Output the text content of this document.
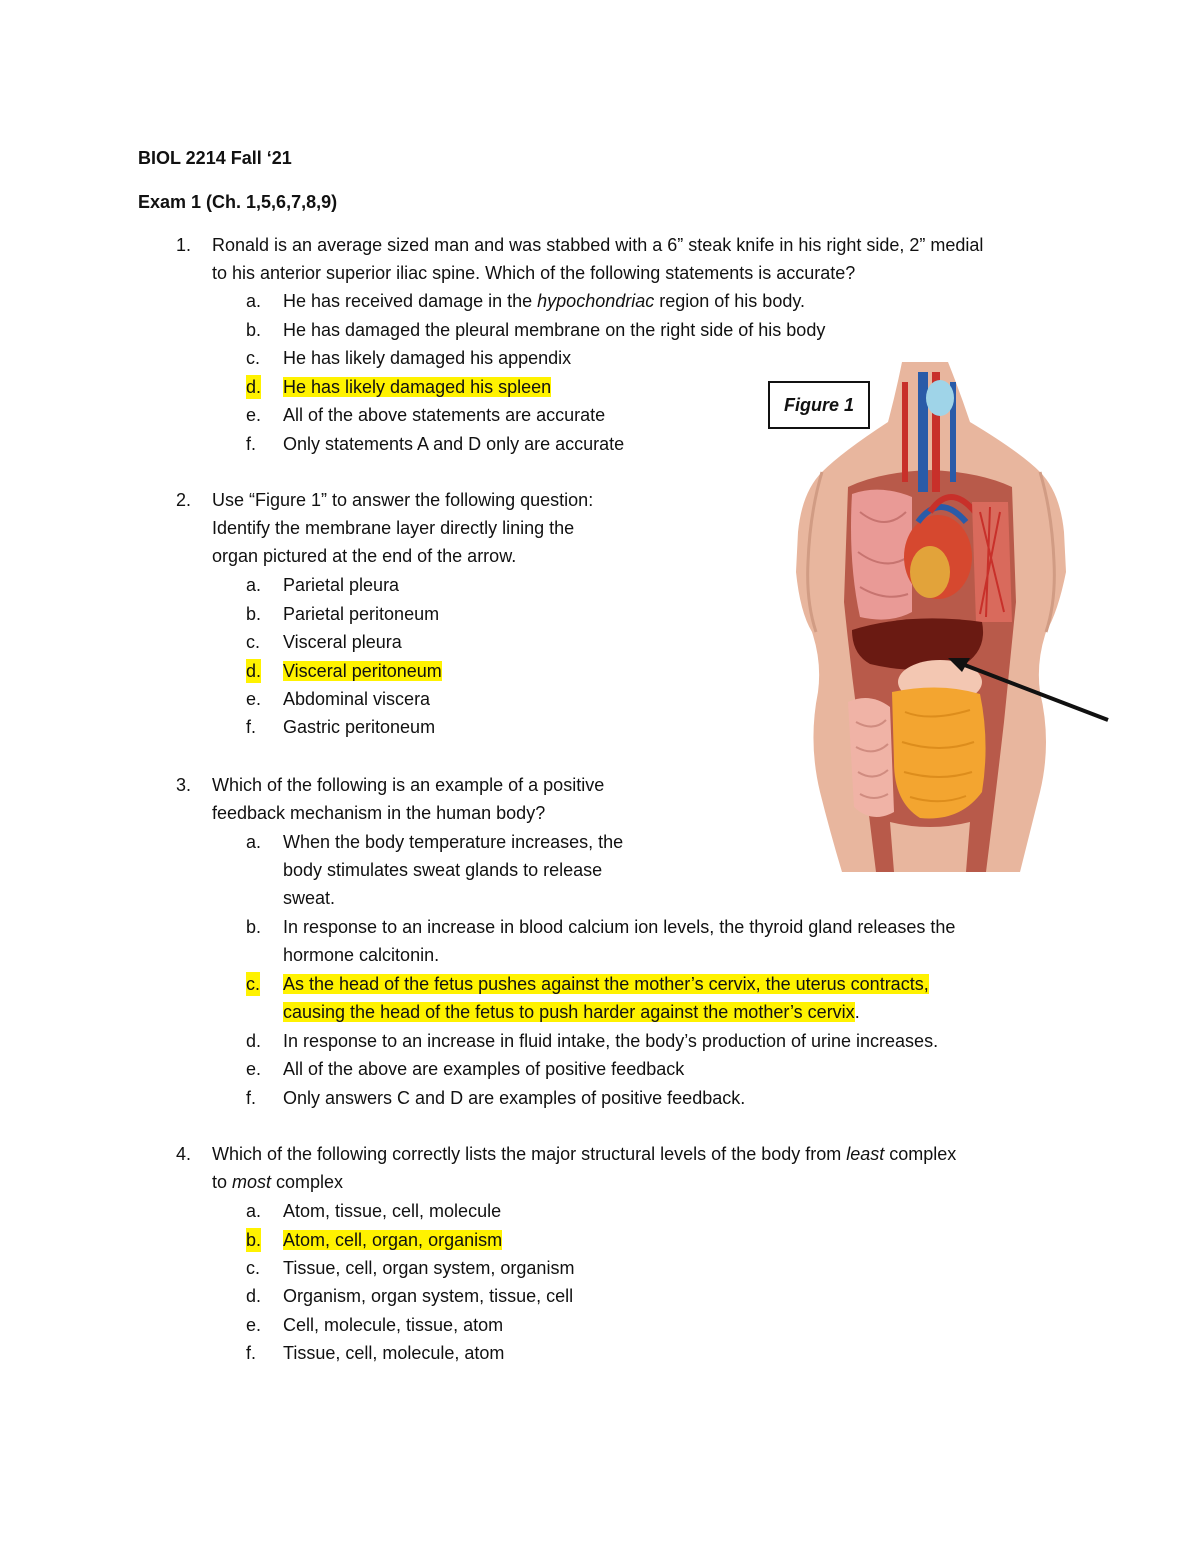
BIOL 2214 Fall ‘21
Exam 1 (Ch. 1,5,6,7,8,9)
1.	Ronald is an average sized man and was stabbed with a 6” steak knife in his right side, 2” medial
to his anterior superior iliac spine. Which of the following statements is accurate?
a. He has received damage in the hypochondriac region of his body.
b. He has damaged the pleural membrane on the right side of his body
c. He has likely damaged his appendix
d. He has likely damaged his spleen
e. All of the above statements are accurate
f. Only statements A and D only are accurate
2.	Use “Figure 1” to answer the following question:
Identify the membrane layer directly lining the
organ pictured at the end of the arrow.
a. Parietal pleura
b. Parietal peritoneum
c. Visceral pleura
d. Visceral peritoneum
e. Abdominal viscera
f. Gastric peritoneum
3.	Which of the following is an example of a positive
feedback mechanism in the human body?
a. When the body temperature increases, the
body stimulates sweat glands to release
sweat.
b. In response to an increase in blood calcium ion levels, the thyroid gland releases the
hormone calcitonin.
c. As the head of the fetus pushes against the mother’s cervix, the uterus contracts,
causing the head of the fetus to push harder against the mother’s cervix.
d. In response to an increase in fluid intake, the body’s production of urine increases.
e. All of the above are examples of positive feedback
f. Only answers C and D are examples of positive feedback.
4.	Which of the following correctly lists the major structural levels of the body from least complex
to most complex
a. Atom, tissue, cell, molecule
b. Atom, cell, organ, organism
c. Tissue, cell, organ system, organism
d. Organism, organ system, tissue, cell
e. Cell, molecule, tissue, atom
f. Tissue, cell, molecule, atom
Figure 1
